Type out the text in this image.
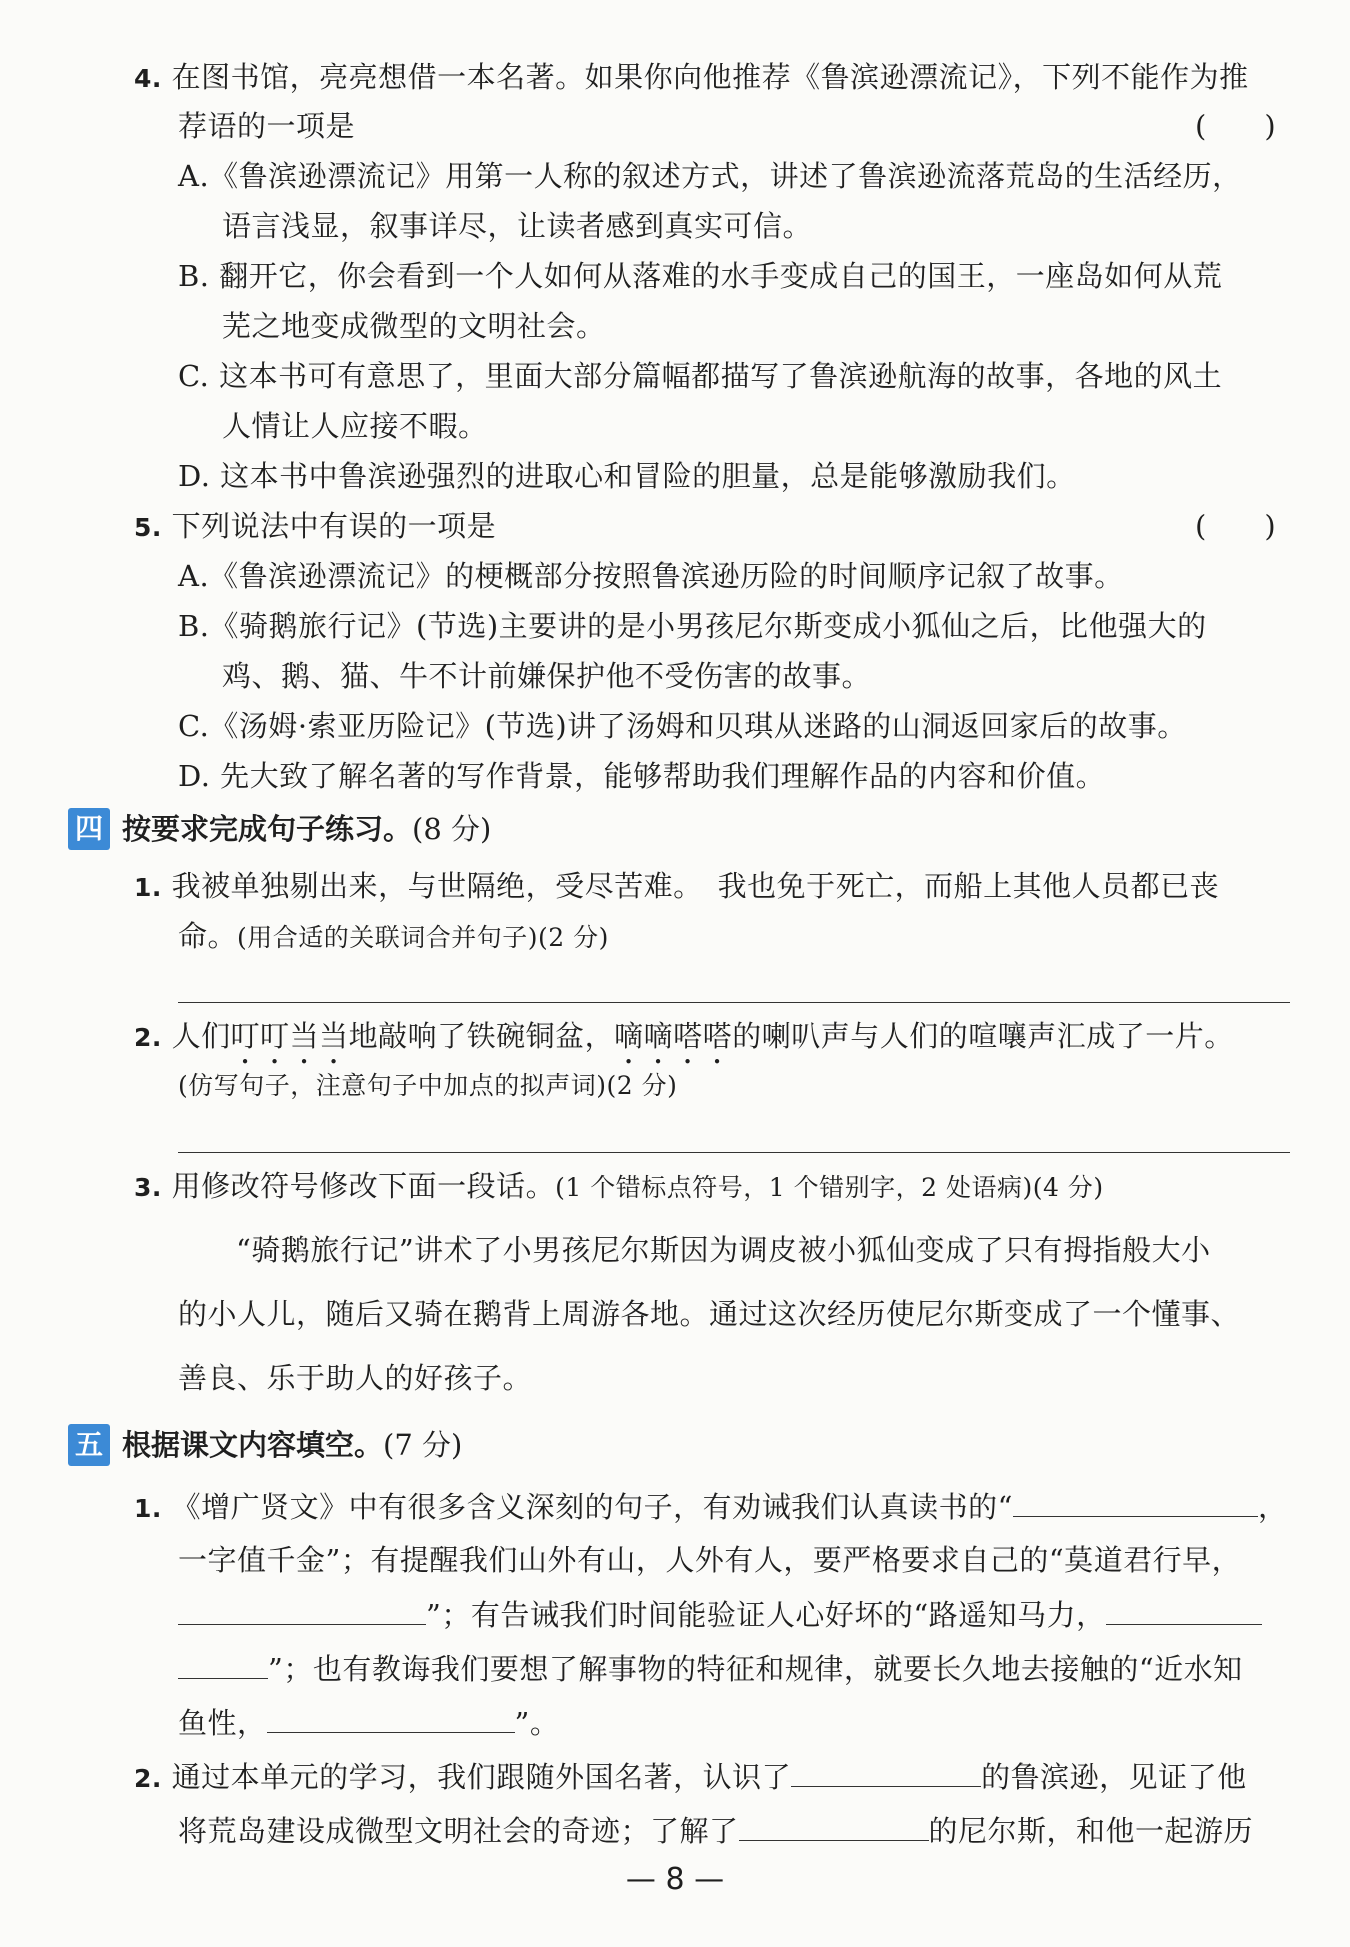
4. 在图书馆，亮亮想借一本名著。如果你向他推荐《鲁滨逊漂流记》，下列不能作为推
荐语的一项是	(　　)
A.《鲁滨逊漂流记》用第一人称的叙述方式，讲述了鲁滨逊流落荒岛的生活经历，
语言浅显，叙事详尽，让读者感到真实可信。
B. 翻开它，你会看到一个人如何从落难的水手变成自己的国王，一座岛如何从荒
芜之地变成微型的文明社会。
C. 这本书可有意思了，里面大部分篇幅都描写了鲁滨逊航海的故事，各地的风土
人情让人应接不暇。
D. 这本书中鲁滨逊强烈的进取心和冒险的胆量，总是能够激励我们。
5. 下列说法中有误的一项是	(　　)
A.《鲁滨逊漂流记》的梗概部分按照鲁滨逊历险的时间顺序记叙了故事。
B.《骑鹅旅行记》(节选)主要讲的是小男孩尼尔斯变成小狐仙之后，比他强大的
鸡、鹅、猫、牛不计前嫌保护他不受伤害的故事。
C.《汤姆·索亚历险记》(节选)讲了汤姆和贝琪从迷路的山洞返回家后的故事。
D. 先大致了解名著的写作背景，能够帮助我们理解作品的内容和价值。
四 按要求完成句子练习。(8 分)
1. 我被单独剔出来，与世隔绝，受尽苦难。　我也免于死亡，而船上其他人员都已丧
命。(用合适的关联词合并句子)(2 分)
2. 人们叮叮当当地敲响了铁碗铜盆，嘀嘀嗒嗒的喇叭声与人们的喧嚷声汇成了一片。
(仿写句子，注意句子中加点的拟声词)(2 分)
3. 用修改符号修改下面一段话。(1 个错标点符号，1 个错别字，2 处语病)(4 分)
“骑鹅旅行记”讲术了小男孩尼尔斯因为调皮被小狐仙变成了只有拇指般大小
的小人儿，随后又骑在鹅背上周游各地。通过这次经历使尼尔斯变成了一个懂事、
善良、乐于助人的好孩子。
五 根据课文内容填空。(7 分)
1. 《增广贤文》中有很多含义深刻的句子，有劝诫我们认真读书的“	，
一字值千金”；有提醒我们山外有山，人外有人，要严格要求自己的“莫道君行早，
”；有告诫我们时间能验证人心好坏的“路遥知马力，
”；也有教诲我们要想了解事物的特征和规律，就要长久地去接触的“近水知
鱼性，	”。
2. 通过本单元的学习，我们跟随外国名著，认识了	的鲁滨逊，见证了他
将荒岛建设成微型文明社会的奇迹；了解了	的尼尔斯，和他一起游历
— 8 —
